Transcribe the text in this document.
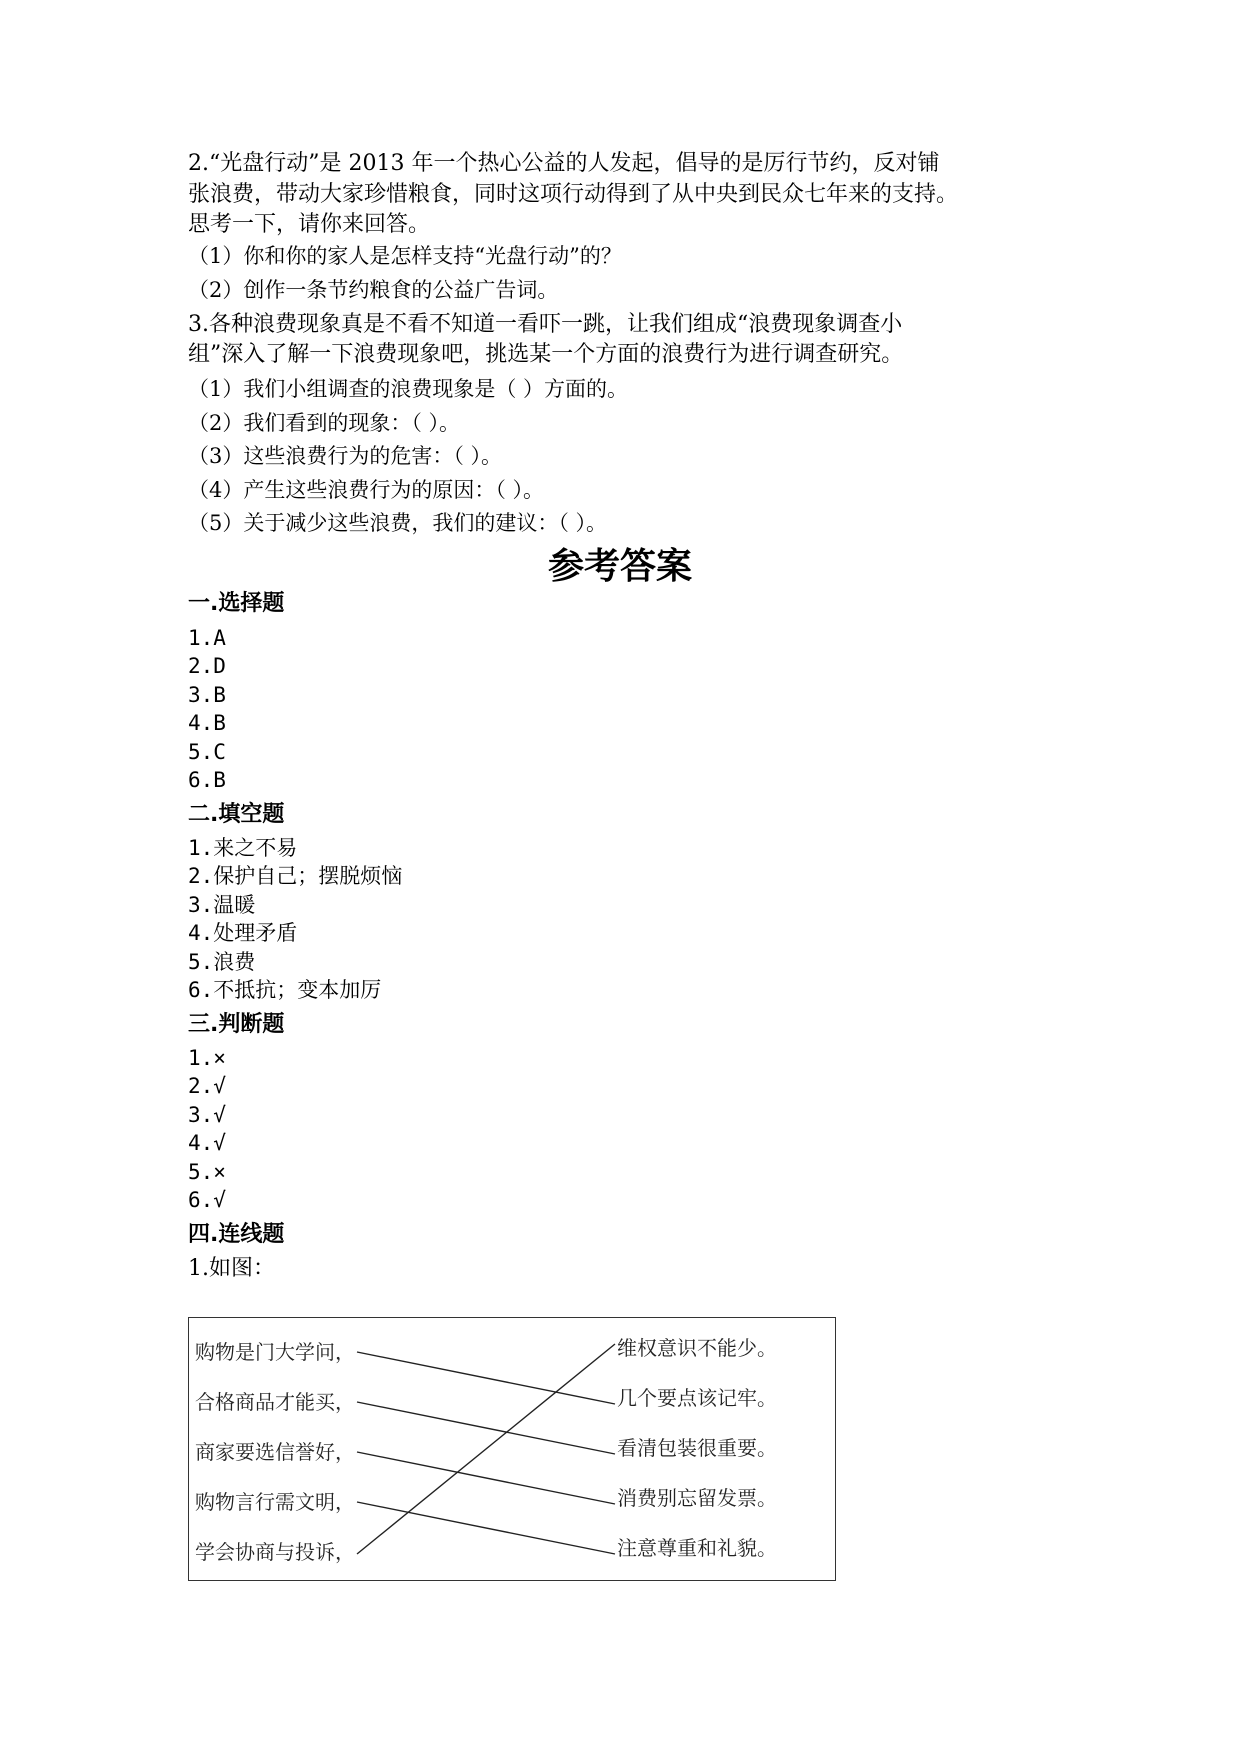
2.“光盘行动”是 2013 年一个热心公益的人发起，倡导的是厉行节约，反对铺
张浪费，带动大家珍惜粮食，同时这项行动得到了从中央到民众七年来的支持。
思考一下，请你来回答。
（1）你和你的家人是怎样支持“光盘行动”的？
（2）创作一条节约粮食的公益广告词。
3.各种浪费现象真是不看不知道一看吓一跳，让我们组成“浪费现象调查小
组”深入了解一下浪费现象吧，挑选某一个方面的浪费行为进行调查研究。
（1）我们小组调查的浪费现象是（ ）方面的。
（2）我们看到的现象：（ ）。
（3）这些浪费行为的危害：（ ）。
（4）产生这些浪费行为的原因：（ ）。
（5）关于减少这些浪费，我们的建议：（ ）。
参考答案
一.选择题
1.A
2.D
3.B
4.B
5.C
6.B
二.填空题
1.来之不易
2.保护自己；摆脱烦恼
3.温暖
4.处理矛盾
5.浪费
6.不抵抗；变本加厉
三.判断题
1.×
2.√
3.√
4.√
5.×
6.√
四.连线题
1.如图：
购物是门大学问，
合格商品才能买，
商家要选信誉好，
购物言行需文明，
学会协商与投诉，
维权意识不能少。
几个要点该记牢。
看清包装很重要。
消费别忘留发票。
注意尊重和礼貌。
